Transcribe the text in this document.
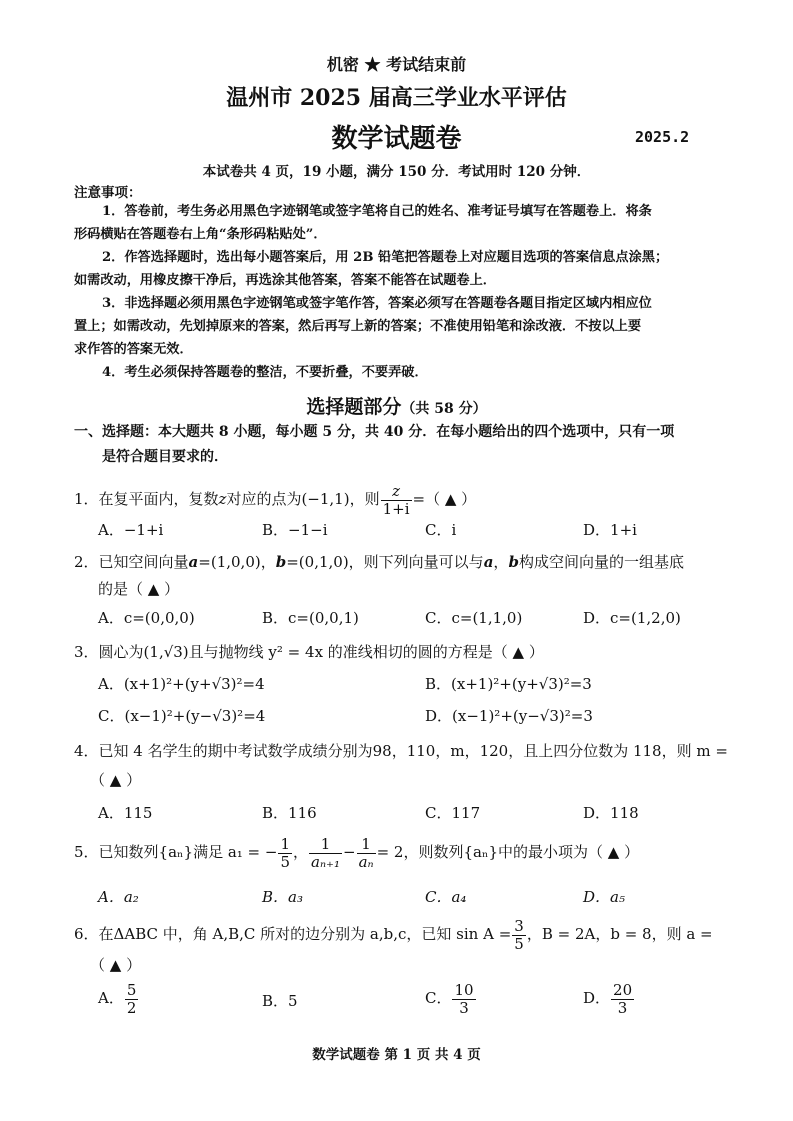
机密 ★ 考试结束前
温州市 2025 届高三学业水平评估
数学试题卷	2025.2
本试卷共 4 页，19 小题，满分 150 分．考试用时 120 分钟．
注意事项：
1．答卷前，考生务必用黑色字迹钢笔或签字笔将自己的姓名、准考证号填写在答题卷上．将条
形码横贴在答题卷右上角“条形码粘贴处”．
2．作答选择题时，选出每小题答案后，用 2B 铅笔把答题卷上对应题目选项的答案信息点涂黑；
如需改动，用橡皮擦干净后，再选涂其他答案，答案不能答在试题卷上．
3．非选择题必须用黑色字迹钢笔或签字笔作答，答案必须写在答题卷各题目指定区域内相应位
置上；如需改动，先划掉原来的答案，然后再写上新的答案；不准使用铅笔和涂改液．不按以上要
求作答的答案无效．
4．考生必须保持答题卷的整洁，不要折叠，不要弄破．
选择题部分（共 58 分）
一、选择题：本大题共 8 小题，每小题 5 分，共 40 分．在每小题给出的四个选项中，只有一项
是符合题目要求的．
1．在复平面内，复数z对应的点为(−1,1)，则 $\frac{z}{1+i}$ =（ ▲ ）
A．−1+i	B．−1−i	C．i	D．1+i
2．已知空间向量a=(1,0,0)，b=(0,1,0)，则下列向量可以与a，b构成空间向量的一组基底
的是（ ▲ ）
A．c=(0,0,0)	B．c=(0,0,1)	C．c=(1,1,0)	D．c=(1,2,0)
3．圆心为(1,√3)且与抛物线 y² = 4x 的准线相切的圆的方程是（ ▲ ）
A．(x+1)²+(y+√3)²=4	B．(x+1)²+(y+√3)²=3
C．(x−1)²+(y−√3)²=4	D．(x−1)²+(y−√3)²=3
4．已知 4 名学生的期中考试数学成绩分别为98，110，m，120，且上四分位数为 118，则 m =
（ ▲ ）
A．115	B．116	C．117	D．118
5．已知数列{aₙ}满足 a₁ = − $\frac{1}{5}$ ， $\frac{1}{\text{aₙ₊₁}} - \frac{1}{\text{aₙ}} = 2$，则数列{aₙ}中的最小项为（ ▲ ）
A．a₂	B．a₃	C．a₄	D．a₅
6．在ΔABC 中，角 A,B,C 所对的边分别为 a,b,c，已知 $\sin A = \frac{3}{5}$ ，B = 2A，b = 8，则 a =
（ ▲ ）
A． $\frac{5}{2}$	B．5	C． $\frac{10}{3}$	D． $\frac{20}{3}$
数学试题卷 第 1 页 共 4 页
